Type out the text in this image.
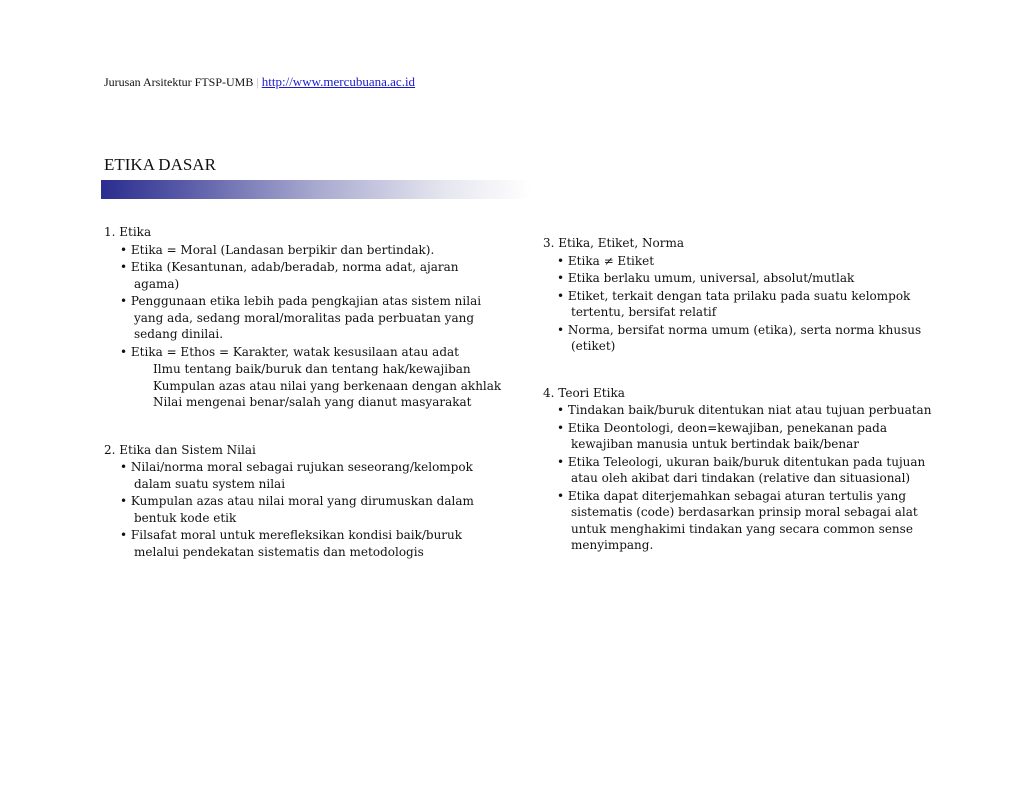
Jurusan Arsitektur FTSP-UMB | http://www.mercubuana.ac.id
ETIKA DASAR

1. Etika

• Etika = Moral (Landasan berpikir dan bertindak).

• Etika (Kesantunan, adab/beradab, norma adat, ajaran agama)

• Penggunaan etika lebih pada pengkajian atas sistem nilai yang ada, sedang moral/moralitas pada perbuatan yang sedang dinilai.

• Etika = Ethos = Karakter, watak kesusilaan atau adat

Ilmu tentang baik/buruk dan tentang hak/kewajiban

Kumpulan azas atau nilai yang berkenaan dengan akhlak

Nilai mengenai benar/salah yang dianut masyarakat

2. Etika dan Sistem Nilai

• Nilai/norma moral sebagai rujukan seseorang/kelompok dalam suatu system nilai

• Kumpulan azas atau nilai moral yang dirumuskan dalam bentuk kode etik

• Filsafat moral untuk merefleksikan kondisi baik/buruk melalui pendekatan sistematis dan metodologis

3. Etika, Etiket, Norma

• Etika ≠ Etiket

• Etika berlaku umum, universal, absolut/mutlak

• Etiket, terkait dengan tata prilaku pada suatu kelompok tertentu, bersifat relatif

• Norma, bersifat norma umum (etika), serta norma khusus (etiket)

4. Teori Etika

• Tindakan baik/buruk ditentukan niat atau tujuan perbuatan

• Etika Deontologi, deon=kewajiban, penekanan pada kewajiban manusia untuk bertindak baik/benar

• Etika Teleologi, ukuran baik/buruk ditentukan pada tujuan atau oleh akibat dari tindakan (relative dan situasional)

• Etika dapat diterjemahkan sebagai aturan tertulis yang sistematis (code) berdasarkan prinsip moral sebagai alat untuk menghakimi tindakan yang secara common sense menyimpang.
